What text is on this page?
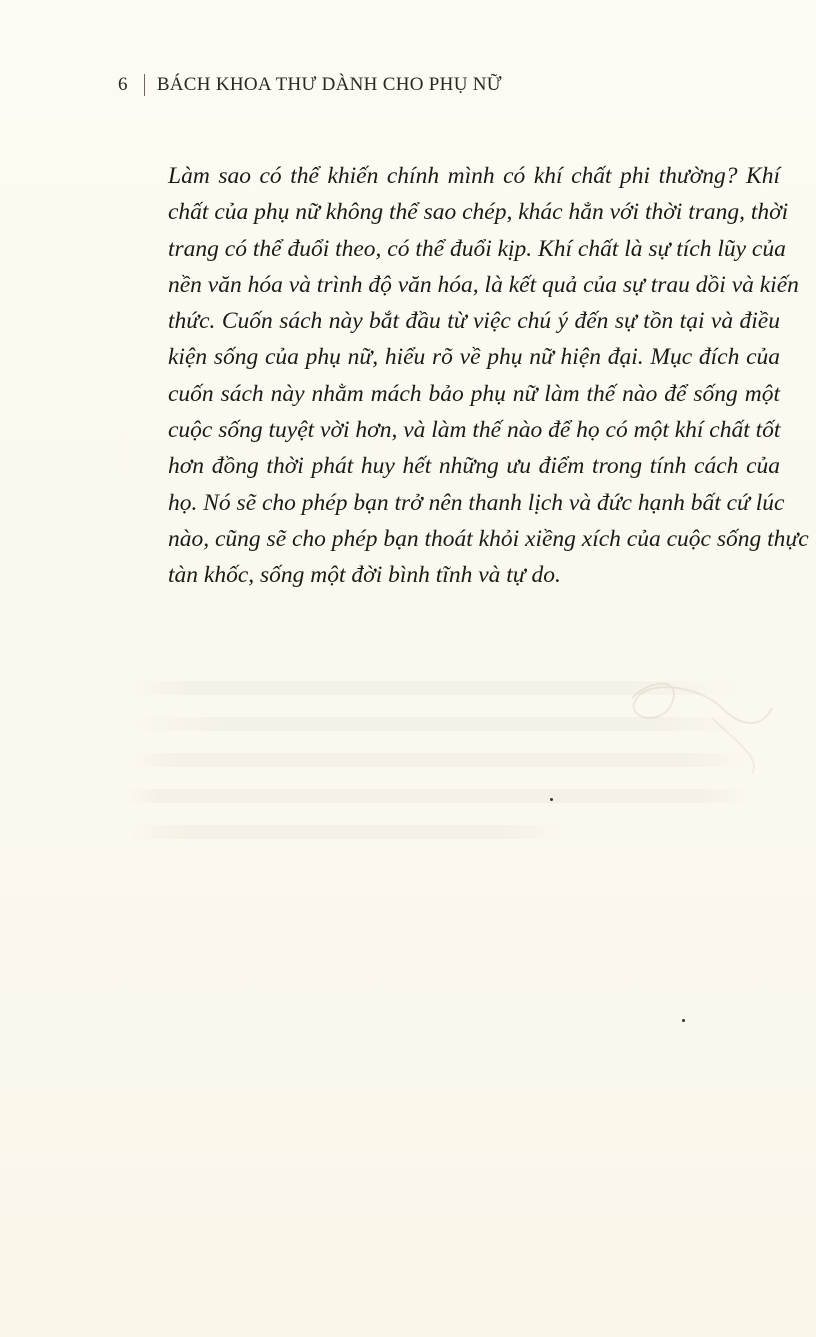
6 BÁCH KHOA THƯ DÀNH CHO PHỤ NỮ
Làm sao có thể khiến chính mình có khí chất phi thường? Khí
chất của phụ nữ không thể sao chép, khác hẳn với thời trang, thời
trang có thể đuổi theo, có thể đuổi kịp. Khí chất là sự tích lũy của
nền văn hóa và trình độ văn hóa, là kết quả của sự trau dồi và kiến
thức. Cuốn sách này bắt đầu từ việc chú ý đến sự tồn tại và điều
kiện sống của phụ nữ, hiểu rõ về phụ nữ hiện đại. Mục đích của
cuốn sách này nhằm mách bảo phụ nữ làm thế nào để sống một
cuộc sống tuyệt vời hơn, và làm thế nào để họ có một khí chất tốt
hơn đồng thời phát huy hết những ưu điểm trong tính cách của
họ. Nó sẽ cho phép bạn trở nên thanh lịch và đức hạnh bất cứ lúc
nào, cũng sẽ cho phép bạn thoát khỏi xiềng xích của cuộc sống thực
tàn khốc, sống một đời bình tĩnh và tự do.
